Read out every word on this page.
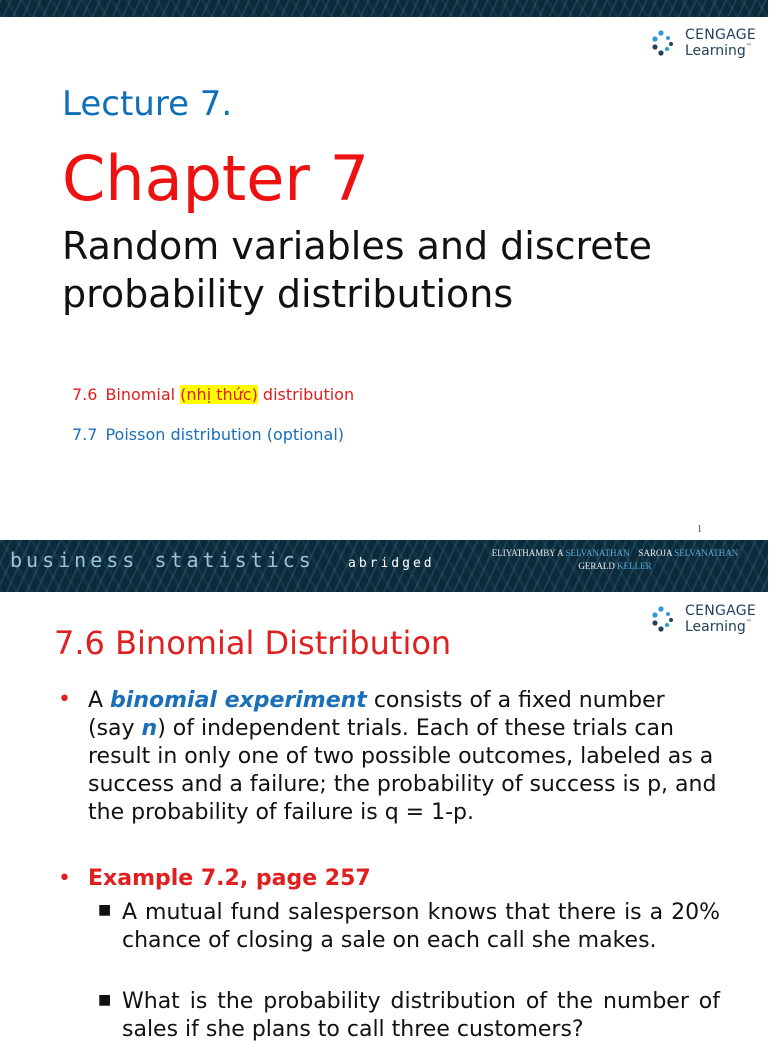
CENGAGE
Learning™
Lecture 7.
Chapter 7
Random variables and discrete
probability distributions
7.6 Binomial (nhị thức) distribution
7.7 Poisson distribution (optional)
1
business statistics	abridged
ELIYATHAMBY A SELVANATHAN SAROJA SELVANATHAN
GERALD KELLER
CENGAGE
Learning™
7.6 Binomial Distribution
• A binomial experiment consists of a fixed number (say n) of independent trials. Each of these trials can result in only one of two possible outcomes, labeled as a success and a failure; the probability of success is p, and the probability of failure is q = 1-p.
• Example 7.2, page 257
■ A mutual fund salesperson knows that there is a 20% chance of closing a sale on each call she makes.
■ What is the probability distribution of the number of sales if she plans to call three customers?
